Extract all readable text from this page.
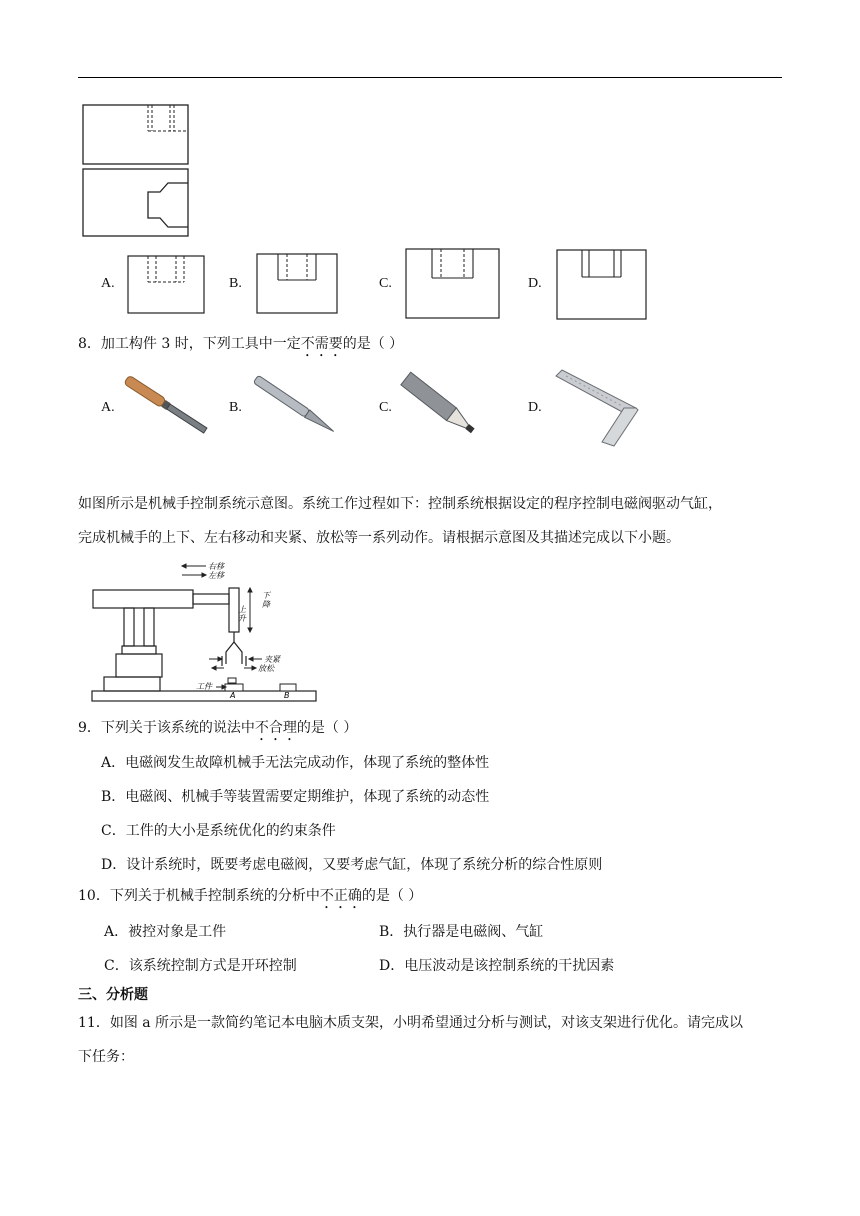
A.	B.	C.	D.
8．加工构件 3 时，下列工具中一定不需要的是（ ）
A.	B.	C.	D.
如图所示是机械手控制系统示意图。系统工作过程如下：控制系统根据设定的程序控制电磁阀驱动气缸，
完成机械手的上下、左右移动和夹紧、放松等一系列动作。请根据示意图及其描述完成以下小题。
A	B
右移
左移
下降
上升
夹紧
放松
工件
9．下列关于该系统的说法中不合理的是（ ）
A．电磁阀发生故障机械手无法完成动作，体现了系统的整体性
B．电磁阀、机械手等装置需要定期维护，体现了系统的动态性
C．工件的大小是系统优化的约束条件
D．设计系统时，既要考虑电磁阀，又要考虑气缸，体现了系统分析的综合性原则
10．下列关于机械手控制系统的分析中不正确的是（ ）
A．被控对象是工件	B．执行器是电磁阀、气缸
C．该系统控制方式是开环控制	D．电压波动是该控制系统的干扰因素
三、分析题
11．如图 a 所示是一款简约笔记本电脑木质支架，小明希望通过分析与测试，对该支架进行优化。请完成以
下任务：
